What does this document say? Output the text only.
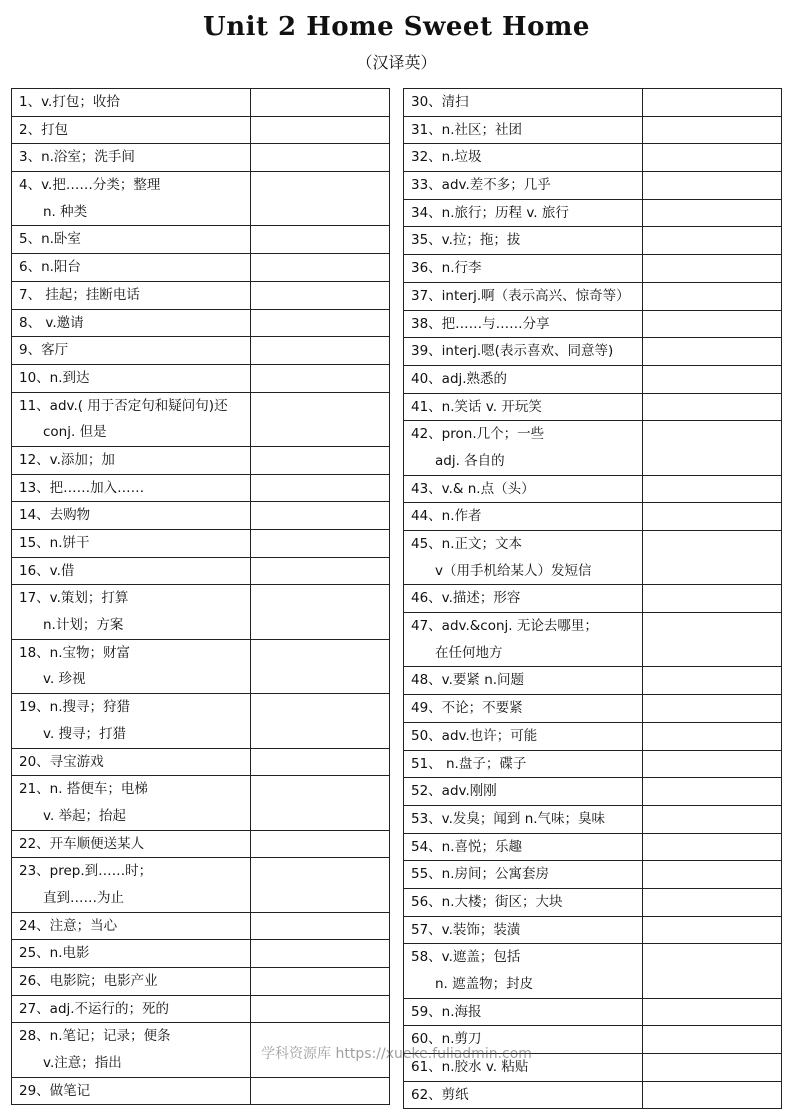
Unit 2 Home Sweet Home
（汉译英）
1、v.打包；收拾	

2、打包	

3、n.浴室；洗手间	

4、v.把……分类；整理
n. 种类	

5、n.卧室	

6、n.阳台	

7、 挂起；挂断电话	

8、 v.邀请	

9、客厅	

10、n.到达	

11、adv.( 用于否定句和疑问句)还
conj. 但是	

12、v.添加；加	

13、把……加入……	

14、去购物	

15、n.饼干	

16、v.借	

17、v.策划；打算
n.计划；方案	

18、n.宝物；财富
v. 珍视	

19、n.搜寻；狩猎
v. 搜寻；打猎	

20、寻宝游戏	

21、n. 搭便车；电梯
v. 举起；抬起	

22、开车顺便送某人	

23、prep.到……时；
直到……为止	

24、注意；当心	

25、n.电影	

26、电影院；电影产业	

27、adj.不运行的；死的	

28、n.笔记；记录；便条
v.注意；指出	

29、做笔记	

30、清扫	

31、n.社区；社团	

32、n.垃圾	

33、adv.差不多；几乎	

34、n.旅行；历程 v. 旅行	

35、v.拉；拖；拔	

36、n.行李	

37、interj.啊（表示高兴、惊奇等）	

38、把……与……分享	

39、interj.嗯(表示喜欢、同意等)	

40、adj.熟悉的	

41、n.笑话 v. 开玩笑	

42、pron.几个；一些
adj. 各自的	

43、v.& n.点（头）	

44、n.作者	

45、n.正文；文本
v（用手机给某人）发短信	

46、v.描述；形容	

47、adv.&conj. 无论去哪里；
在任何地方	

48、v.要紧 n.问题	

49、不论；不要紧	

50、adv.也许；可能	

51、 n.盘子；碟子	

52、adv.刚刚	

53、v.发臭；闻到 n.气味；臭味	

54、n.喜悦；乐趣	

55、n.房间；公寓套房	

56、n.大楼；街区；大块	

57、v.装饰；装潢	

58、v.遮盖；包括
n. 遮盖物；封皮	

59、n.海报	

60、n.剪刀	

61、n.胶水 v. 粘贴	

62、剪纸	

学科资源库 https://xueke.fuliadmin.com
